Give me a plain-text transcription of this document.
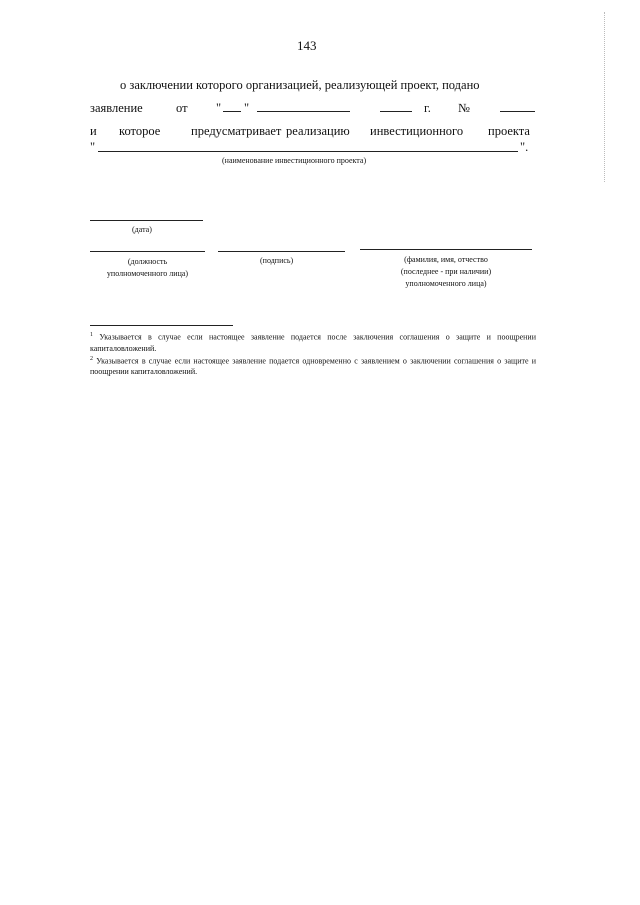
143
о заключении которого организацией, реализующей проект, подано
заявление	от " "	г. №
и которое предусматривает реализацию инвестиционного проекта
"	".
(наименование инвестиционного проекта)
(дата)
(должность
уполномоченного лица)
(подпись)	(фамилия, имя, отчество
(последнее - при наличии)
уполномоченного лица)

$^1$ Указывается в случае если настоящее заявление подается после заключения соглашения о защите и поощрении капиталовложений.

$^2$ Указывается в случае если настоящее заявление подается одновременно с заявлением о заключении соглашения о защите и поощрении капиталовложений.
